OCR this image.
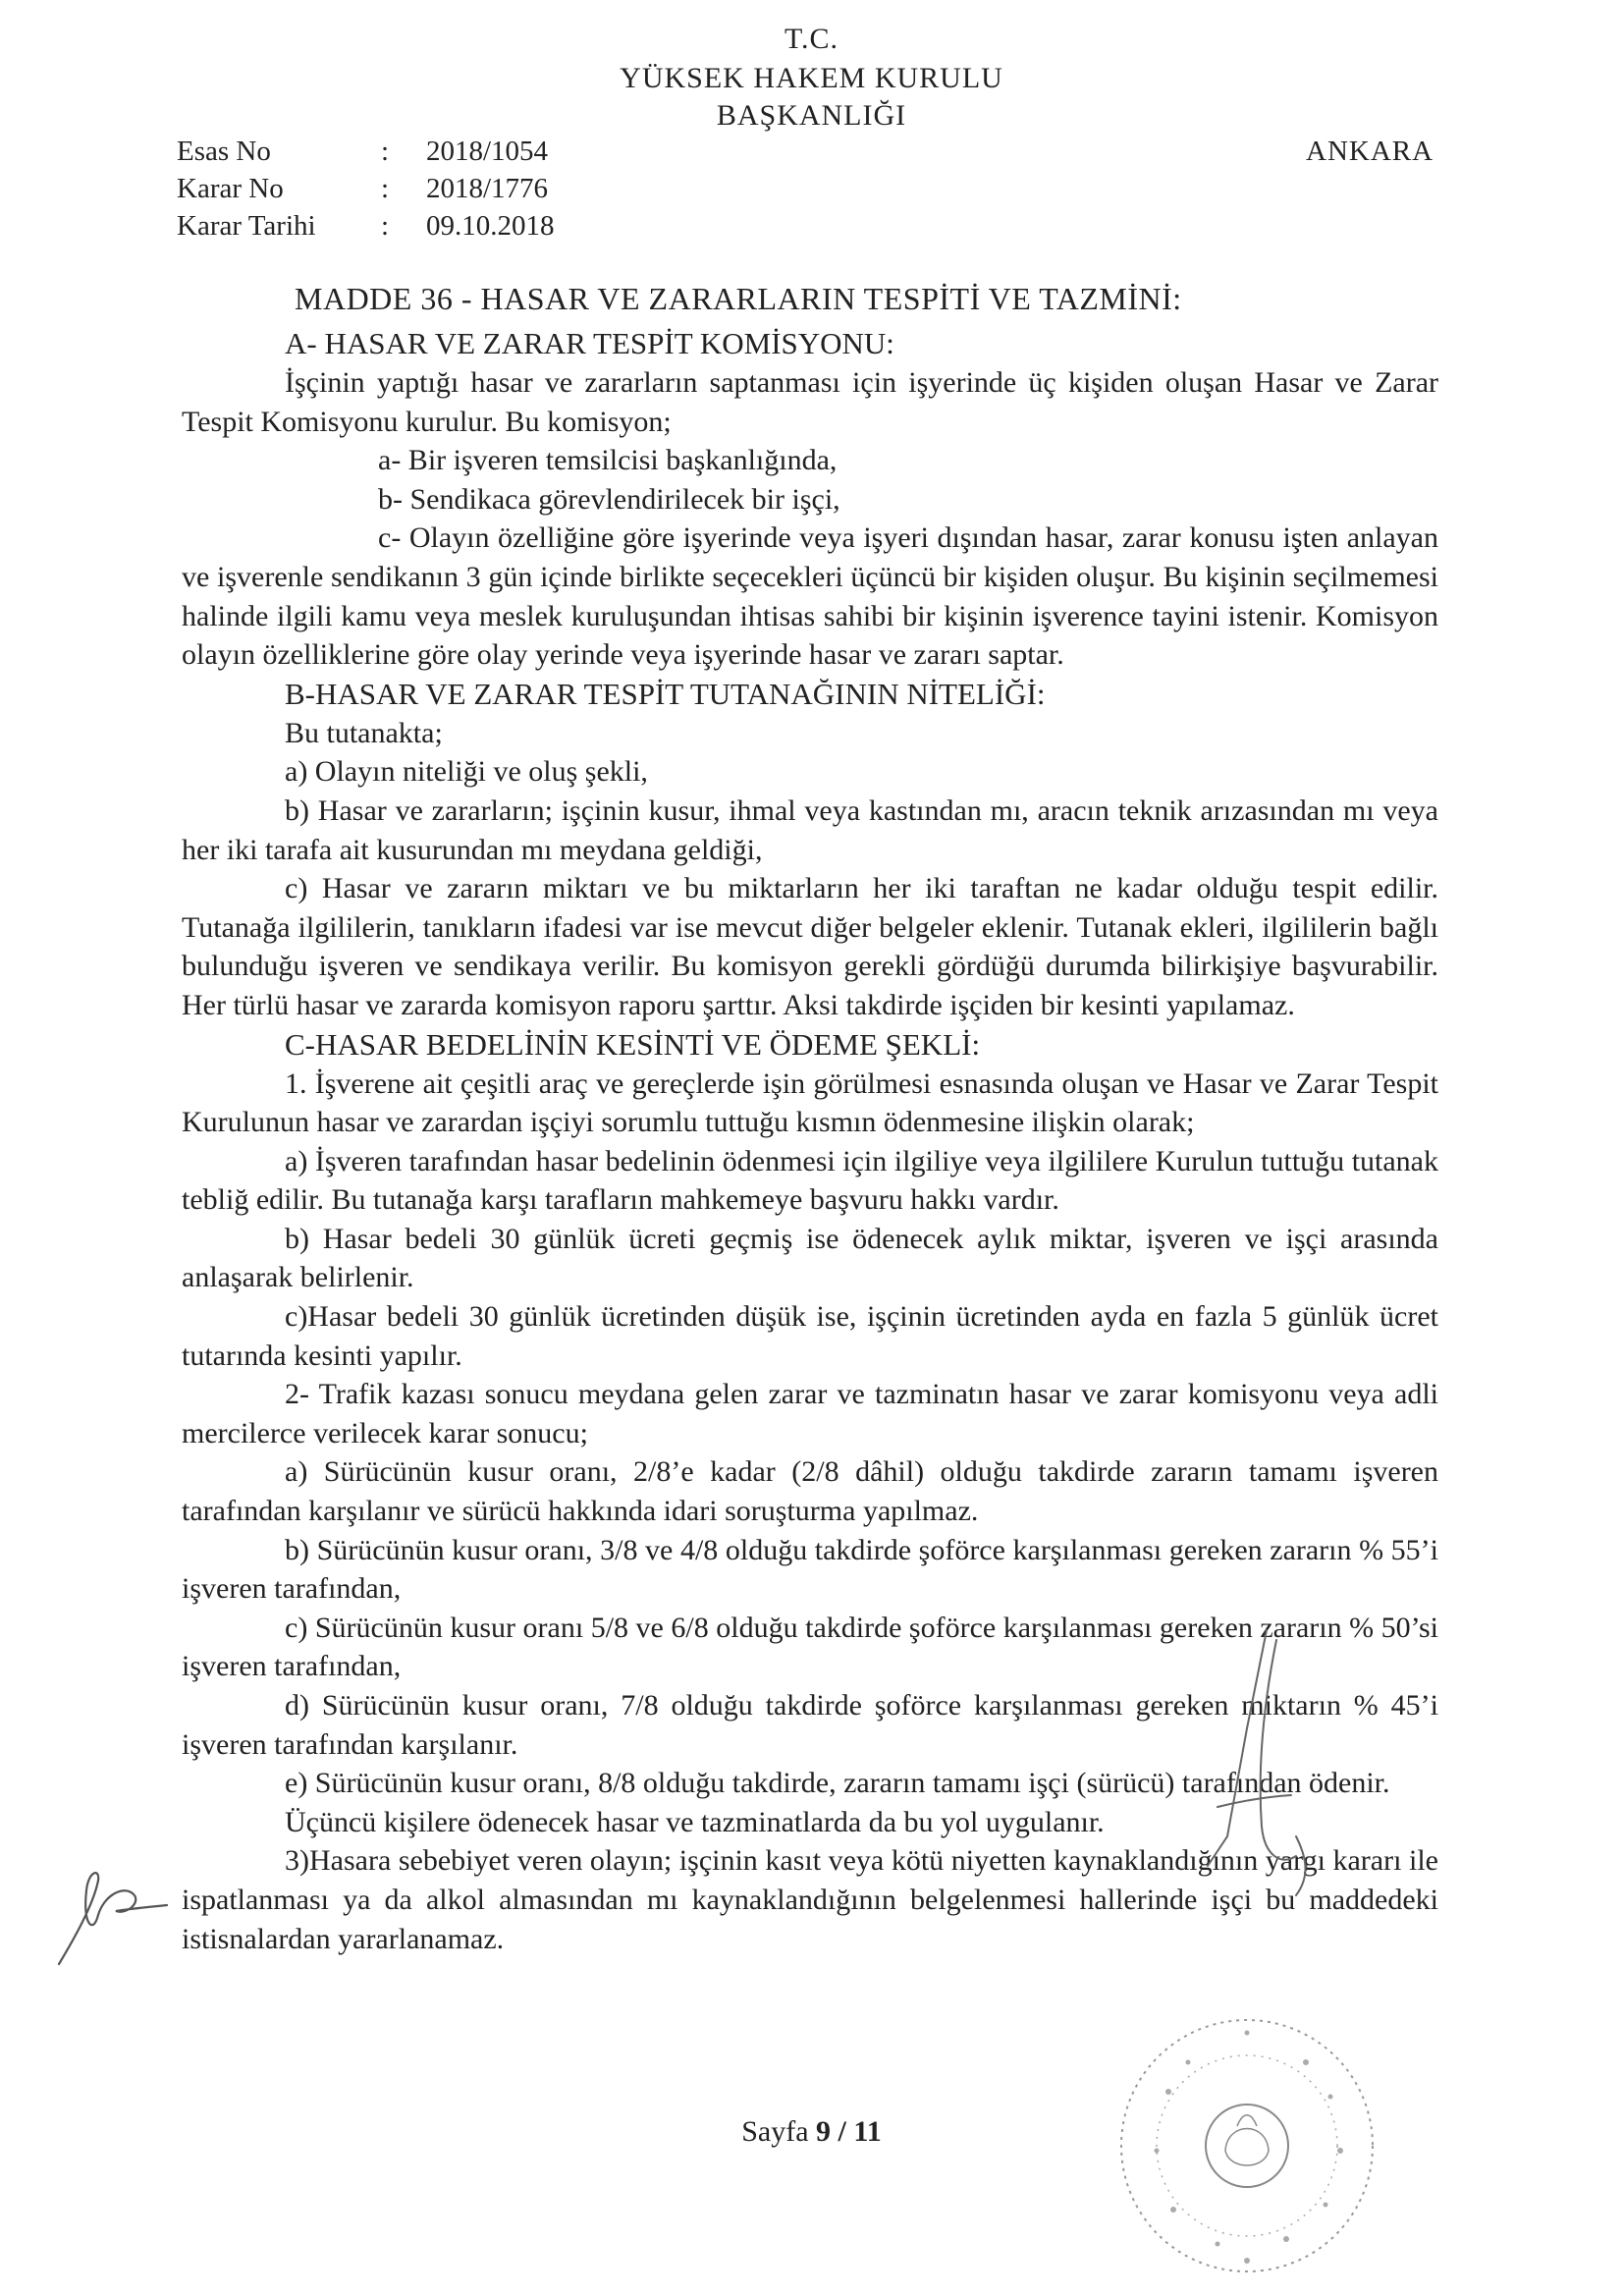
T.C.
YÜKSEK HAKEM KURULU
BAŞKANLIĞI
Esas No	: 2018/1054
Karar No	: 2018/1776
Karar Tarihi : 09.10.2018
ANKARA
MADDE 36 - HASAR VE ZARARLARIN TESPİTİ VE TAZMİNİ:

A- HASAR VE ZARAR TESPİT KOMİSYONU:

İşçinin yaptığı hasar ve zararların saptanması için işyerinde üç kişiden oluşan Hasar ve Zarar Tespit Komisyonu kurulur. Bu komisyon;

a- Bir işveren temsilcisi başkanlığında,

b- Sendikaca görevlendirilecek bir işçi,

c- Olayın özelliğine göre işyerinde veya işyeri dışından hasar, zarar konusu işten anlayan ve işverenle sendikanın 3 gün içinde birlikte seçecekleri üçüncü bir kişiden oluşur. Bu kişinin seçilmemesi halinde ilgili kamu veya meslek kuruluşundan ihtisas sahibi bir kişinin işverence tayini istenir. Komisyon olayın özelliklerine göre olay yerinde veya işyerinde hasar ve zararı saptar.

B-HASAR VE ZARAR TESPİT TUTANAĞININ NİTELİĞİ:

Bu tutanakta;

a) Olayın niteliği ve oluş şekli,

b) Hasar ve zararların; işçinin kusur, ihmal veya kastından mı, aracın teknik arızasından mı veya her iki tarafa ait kusurundan mı meydana geldiği,

c) Hasar ve zararın miktarı ve bu miktarların her iki taraftan ne kadar olduğu tespit edilir. Tutanağa ilgililerin, tanıkların ifadesi var ise mevcut diğer belgeler eklenir. Tutanak ekleri, ilgililerin bağlı bulunduğu işveren ve sendikaya verilir. Bu komisyon gerekli gördüğü durumda bilirkişiye başvurabilir. Her türlü hasar ve zararda komisyon raporu şarttır. Aksi takdirde işçiden bir kesinti yapılamaz.

C-HASAR BEDELİNİN KESİNTİ VE ÖDEME ŞEKLİ:

1. İşverene ait çeşitli araç ve gereçlerde işin görülmesi esnasında oluşan ve Hasar ve Zarar Tespit Kurulunun hasar ve zarardan işçiyi sorumlu tuttuğu kısmın ödenmesine ilişkin olarak;

a) İşveren tarafından hasar bedelinin ödenmesi için ilgiliye veya ilgililere Kurulun tuttuğu tutanak tebliğ edilir. Bu tutanağa karşı tarafların mahkemeye başvuru hakkı vardır.

b) Hasar bedeli 30 günlük ücreti geçmiş ise ödenecek aylık miktar, işveren ve işçi arasında anlaşarak belirlenir.

c)Hasar bedeli 30 günlük ücretinden düşük ise, işçinin ücretinden ayda en fazla 5 günlük ücret tutarında kesinti yapılır.

2- Trafik kazası sonucu meydana gelen zarar ve tazminatın hasar ve zarar komisyonu veya adli mercilerce verilecek karar sonucu;

a) Sürücünün kusur oranı, 2/8’e kadar (2/8 dâhil) olduğu takdirde zararın tamamı işveren tarafından karşılanır ve sürücü hakkında idari soruşturma yapılmaz.

b) Sürücünün kusur oranı, 3/8 ve 4/8 olduğu takdirde şoförce karşılanması gereken zararın % 55’i işveren tarafından,

c) Sürücünün kusur oranı 5/8 ve 6/8 olduğu takdirde şoförce karşılanması gereken zararın % 50’si işveren tarafından,

d) Sürücünün kusur oranı, 7/8 olduğu takdirde şoförce karşılanması gereken miktarın % 45’i işveren tarafından karşılanır.

e) Sürücünün kusur oranı, 8/8 olduğu takdirde, zararın tamamı işçi (sürücü) tarafından ödenir.

Üçüncü kişilere ödenecek hasar ve tazminatlarda da bu yol uygulanır.

3)Hasara sebebiyet veren olayın; işçinin kasıt veya kötü niyetten kaynaklandığının yargı kararı ile ispatlanması ya da alkol almasından mı kaynaklandığının belgelenmesi hallerinde işçi bu maddedeki istisnalardan yararlanamaz.

Sayfa 9 / 11
